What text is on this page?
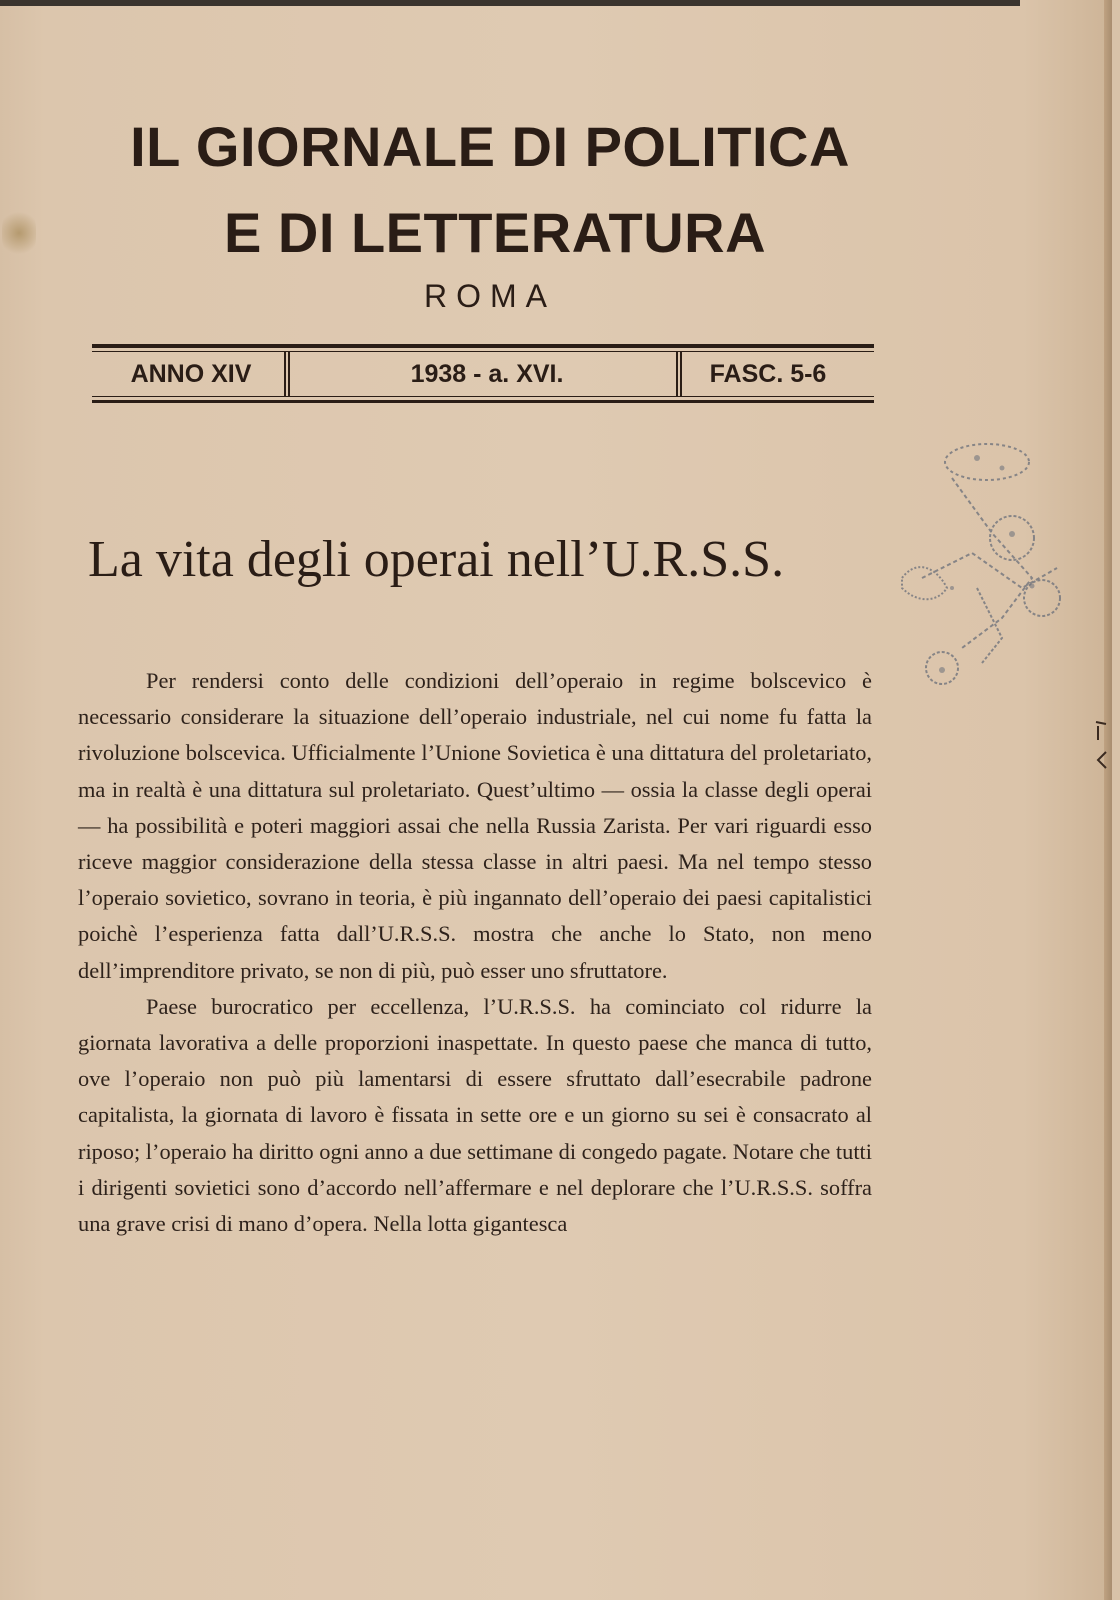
IL GIORNALE DI POLITICA
E DI LETTERATURA
ROMA
ANNO XIV	1938 - a. XVI.	FASC. 5-6
La vita degli operai nell’U.R.S.S.

Per rendersi conto delle condizioni dell’operaio in regime bolscevico è necessario considerare la situazione dell’operaio industriale, nel cui nome fu fatta la rivoluzione bolscevica. Ufficialmente l’Unione Sovietica è una dittatura del proletariato, ma in realtà è una dittatura sul proletariato. Quest’ultimo — ossia la classe degli operai — ha possibilità e poteri maggiori assai che nella Russia Zarista. Per vari riguardi esso riceve maggior considerazione della stessa classe in altri paesi. Ma nel tempo stesso l’operaio sovietico, sovrano in teoria, è più ingannato dell’operaio dei paesi capitalistici poichè l’esperienza fatta dall’U.R.S.S. mostra che anche lo Stato, non meno dell’imprenditore privato, se non di più, può esser uno sfruttatore.

Paese burocratico per eccellenza, l’U.R.S.S. ha cominciato col ridurre la giornata lavorativa a delle proporzioni inaspettate. In questo paese che manca di tutto, ove l’operaio non può più lamentarsi di essere sfruttato dall’esecrabile padrone capitalista, la giornata di lavoro è fissata in sette ore e un giorno su sei è consacrato al riposo; l’operaio ha diritto ogni anno a due settimane di congedo pagate. Notare che tutti i dirigenti sovietici sono d’accordo nell’affermare e nel deplorare che l’U.R.S.S. soffra una grave crisi di mano d’opera. Nella lotta gigantesca
